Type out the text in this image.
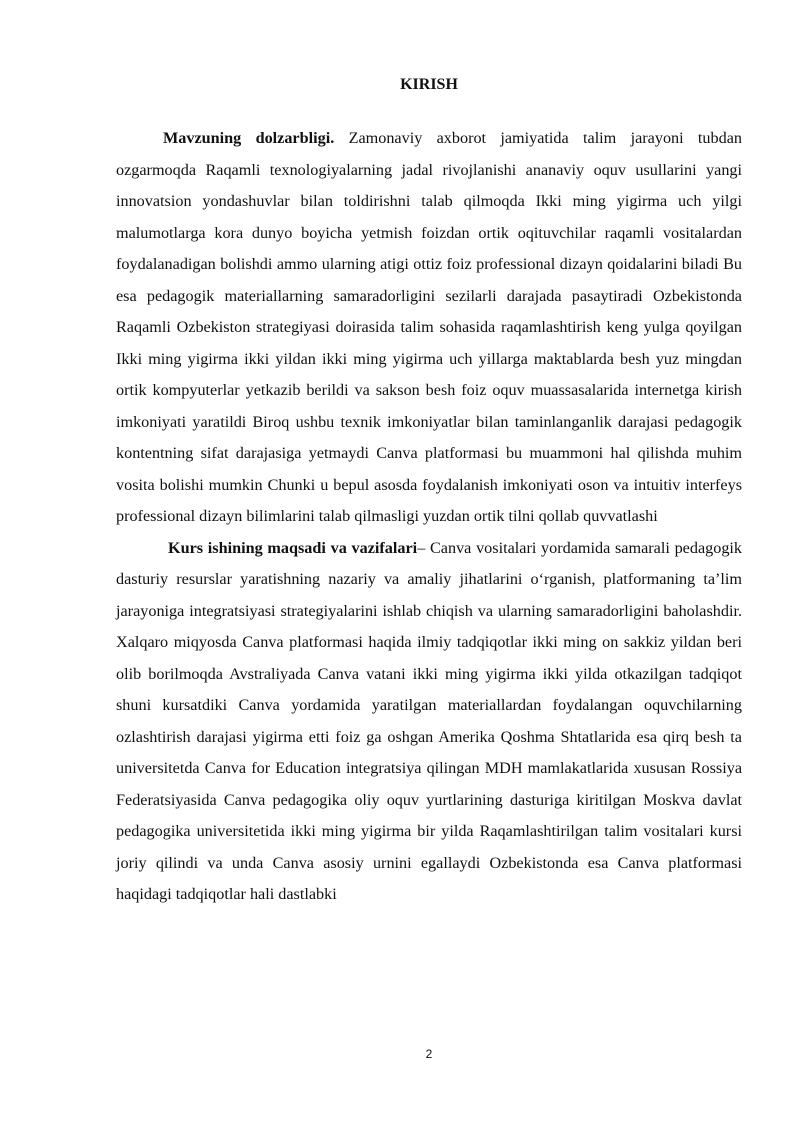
KIRISH

Mavzuning dolzarbligi. Zamonaviy axborot jamiyatida talim jarayoni tubdan ozgarmoqda Raqamli texnologiyalarning jadal rivojlanishi ananaviy oquv usullarini yangi innovatsion yondashuvlar bilan toldirishni talab qilmoqda Ikki ming yigirma uch yilgi malumotlarga kora dunyo boyicha yetmish foizdan ortik oqituvchilar raqamli vositalardan foydalanadigan bolishdi ammo ularning atigi ottiz foiz professional dizayn qoidalarini biladi Bu esa pedagogik materiallarning samaradorligini sezilarli darajada pasaytiradi Ozbekistonda Raqamli Ozbekiston strategiyasi doirasida talim sohasida raqamlashtirish keng yulga qoyilgan Ikki ming yigirma ikki yildan ikki ming yigirma uch yillarga maktablarda besh yuz mingdan ortik kompyuterlar yetkazib berildi va sakson besh foiz oquv muassasalarida internetga kirish imkoniyati yaratildi Biroq ushbu texnik imkoniyatlar bilan taminlanganlik darajasi pedagogik kontentning sifat darajasiga yetmaydi Canva platformasi bu muammoni hal qilishda muhim vosita bolishi mumkin Chunki u bepul asosda foydalanish imkoniyati oson va intuitiv interfeys professional dizayn bilimlarini talab qilmasligi yuzdan ortik tilni qollab quvvatlashi

Kurs ishining maqsadi va vazifalari– Canva vositalari yordamida samarali pedagogik dasturiy resurslar yaratishning nazariy va amaliy jihatlarini o‘rganish, platformaning ta’lim jarayoniga integratsiyasi strategiyalarini ishlab chiqish va ularning samaradorligini baholashdir. Xalqaro miqyosda Canva platformasi haqida ilmiy tadqiqotlar ikki ming on sakkiz yildan beri olib borilmoqda Avstraliyada Canva vatani ikki ming yigirma ikki yilda otkazilgan tadqiqot shuni kursatdiki Canva yordamida yaratilgan materiallardan foydalangan oquvchilarning ozlashtirish darajasi yigirma etti foiz ga oshgan Amerika Qoshma Shtatlarida esa qirq besh ta universitetda Canva for Education integratsiya qilingan MDH mamlakatlarida xususan Rossiya Federatsiyasida Canva pedagogika oliy oquv yurtlarining dasturiga kiritilgan Moskva davlat pedagogika universitetida ikki ming yigirma bir yilda Raqamlashtirilgan talim vositalari kursi joriy qilindi va unda Canva asosiy urnini egallaydi Ozbekistonda esa Canva platformasi haqidagi tadqiqotlar hali dastlabki

2
